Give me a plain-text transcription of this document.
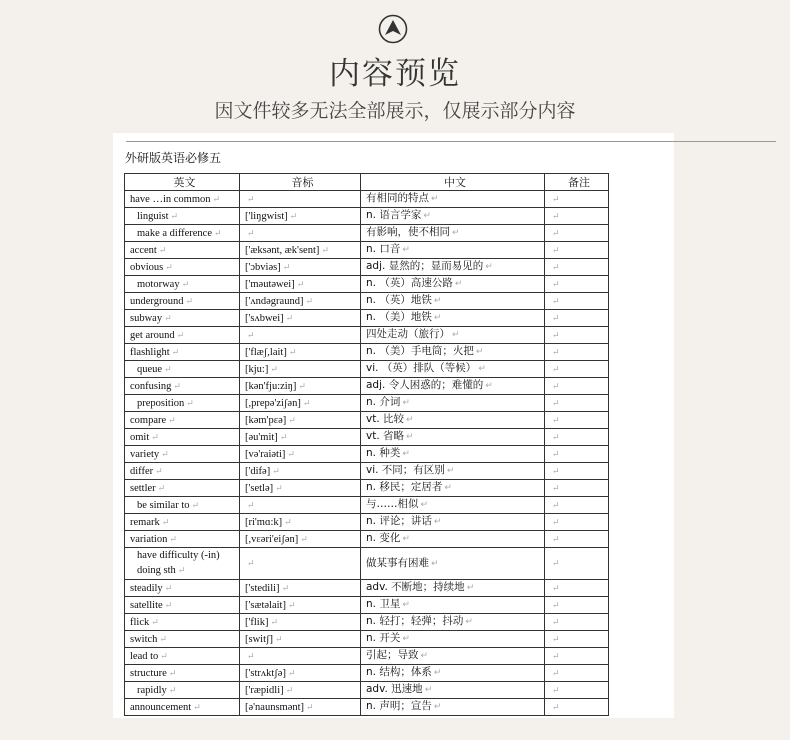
内容预览
因文件较多无法全部展示，仅展示部分内容
外研版英语必修五
英文	音标	中文	备注
have …in common ↵	↵	有相同的特点 ↵	↵
linguist ↵	['liŋgwist] ↵	n. 语言学家 ↵	↵
make a difference ↵	↵	有影响，使不相同 ↵	↵
accent ↵	['æksənt, æk'sent] ↵	n. 口音 ↵	↵
obvious ↵	['ɔbviəs] ↵	adj. 显然的；显而易见的 ↵	↵
motorway ↵	['məutəwei] ↵	n. （英）高速公路 ↵	↵
underground ↵	['ʌndəgraund] ↵	n. （英）地铁 ↵	↵
subway ↵	['sʌbwei] ↵	n. （美）地铁 ↵	↵
get around ↵	↵	四处走动（旅行） ↵	↵
flashlight ↵	['flæʃ,lait] ↵	n. （美）手电筒；火把 ↵	↵
queue ↵	[kju:] ↵	vi. （英）排队（等候） ↵	↵
confusing ↵	[kən'fju:ziŋ] ↵	adj. 令人困惑的；难懂的 ↵	↵
preposition ↵	[,prepə'ziʃən] ↵	n. 介词 ↵	↵
compare ↵	[kəm'pεə] ↵	vt. 比较 ↵	↵
omit ↵	[əu'mit] ↵	vt. 省略 ↵	↵
variety ↵	[və'raiəti] ↵	n. 种类 ↵	↵
differ ↵	['difə] ↵	vi. 不同；有区别 ↵	↵
settler ↵	['setlə] ↵	n. 移民；定居者 ↵	↵
be similar to ↵	↵	与……相似 ↵	↵
remark ↵	[ri'mɑ:k] ↵	n. 评论；讲话 ↵	↵
variation ↵	[,vεəri'eiʃən] ↵	n. 变化 ↵	↵
have difficulty (-in) doing sth ↵	↵	做某事有困难 ↵	↵
steadily ↵	['stedili] ↵	adv. 不断地；持续地 ↵	↵
satellite ↵	['sætəlait] ↵	n. 卫星 ↵	↵
flick ↵	['flik] ↵	n. 轻打；轻弹；抖动 ↵	↵
switch ↵	[switʃ] ↵	n. 开关 ↵	↵
lead to ↵	↵	引起；导致 ↵	↵
structure ↵	['strʌktʃə] ↵	n. 结构；体系 ↵	↵
rapidly ↵	['ræpidli] ↵	adv. 迅速地 ↵	↵
announcement ↵	[ə'naunsmənt] ↵	n. 声明；宣告 ↵	↵
